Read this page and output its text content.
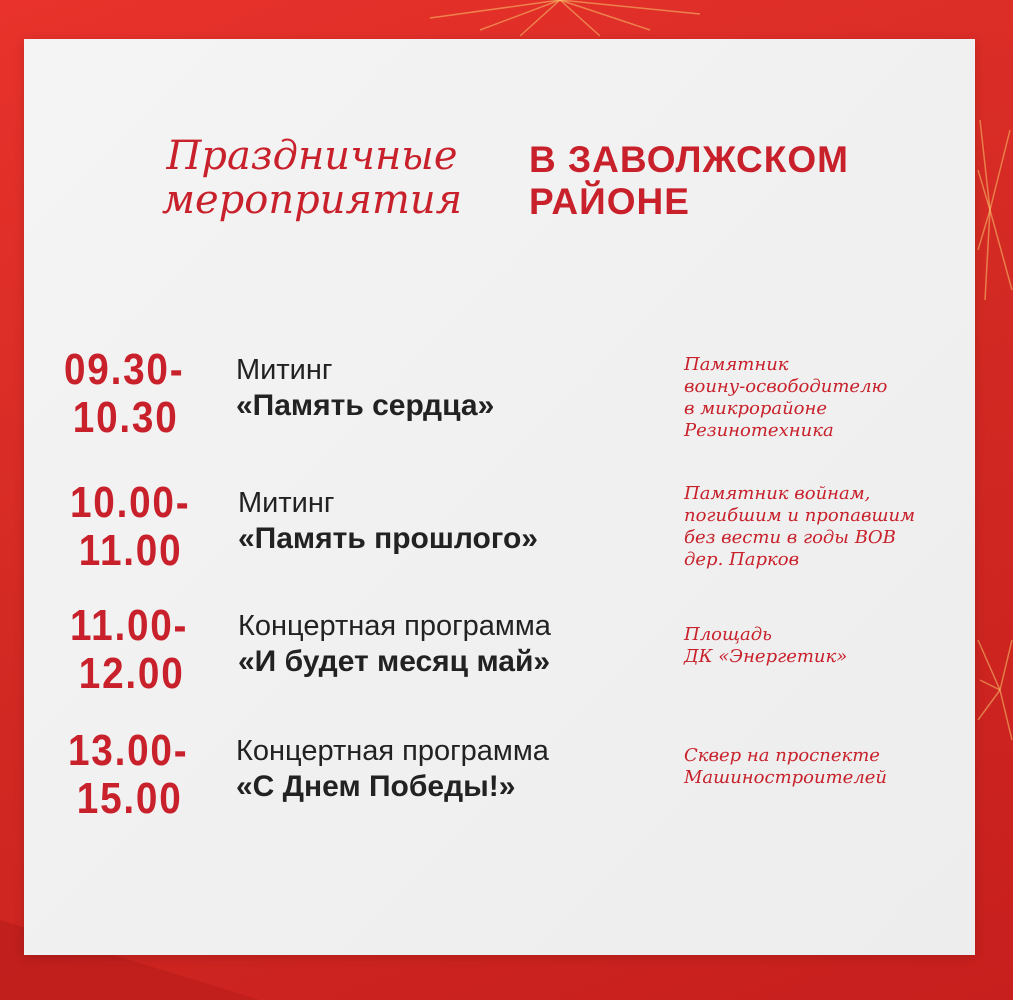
Праздничные
мероприятия
В ЗАВОЛЖСКОМ
РАЙОНЕ
09.30-
10.30
Митинг
«Память сердца»
Памятник
воину-освободителю
в микрорайоне
Резинотехника
10.00-
11.00
Митинг
«Память прошлого»
Памятник войнам,
погибшим и пропавшим
без вести в годы ВОВ
дер. Парков
11.00-
12.00
Концертная программа
«И будет месяц май»
Площадь
ДК «Энергетик»
13.00-
15.00
Концертная программа
«С Днем Победы!»
Сквер на проспекте
Машиностроителей
